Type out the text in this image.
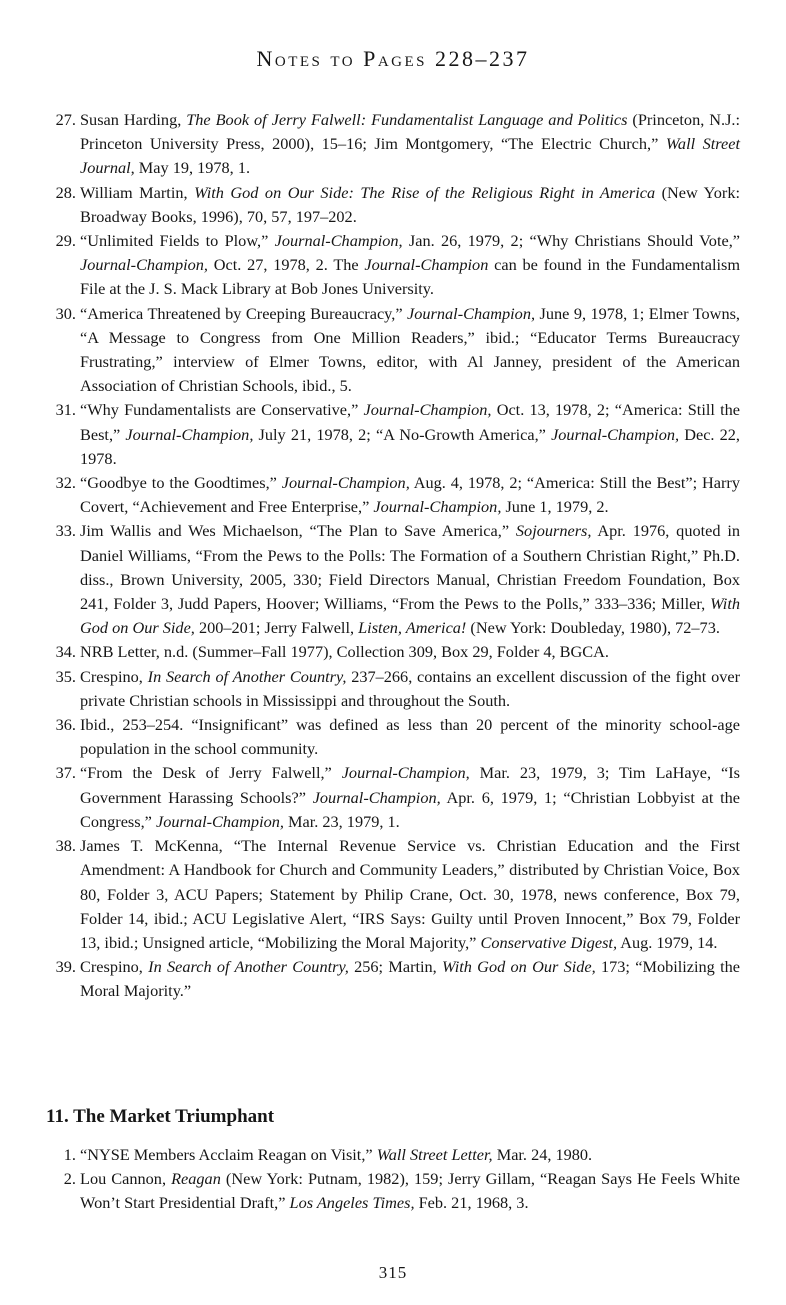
Notes to Pages 228–237
27. Susan Harding, The Book of Jerry Falwell: Fundamentalist Language and Politics (Princeton, N.J.: Princeton University Press, 2000), 15–16; Jim Montgomery, “The Electric Church,” Wall Street Journal, May 19, 1978, 1.
28. William Martin, With God on Our Side: The Rise of the Religious Right in America (New York: Broadway Books, 1996), 70, 57, 197–202.
29. “Unlimited Fields to Plow,” Journal-Champion, Jan. 26, 1979, 2; “Why Christians Should Vote,” Journal-Champion, Oct. 27, 1978, 2. The Journal-Champion can be found in the Fundamentalism File at the J. S. Mack Library at Bob Jones University.
30. “America Threatened by Creeping Bureaucracy,” Journal-Champion, June 9, 1978, 1; Elmer Towns, “A Message to Congress from One Million Readers,” ibid.; “Educator Terms Bureaucracy Frustrating,” interview of Elmer Towns, editor, with Al Janney, president of the American Association of Christian Schools, ibid., 5.
31. “Why Fundamentalists are Conservative,” Journal-Champion, Oct. 13, 1978, 2; “America: Still the Best,” Journal-Champion, July 21, 1978, 2; “A No-Growth America,” Journal-Champion, Dec. 22, 1978.
32. “Goodbye to the Goodtimes,” Journal-Champion, Aug. 4, 1978, 2; “America: Still the Best”; Harry Covert, “Achievement and Free Enterprise,” Journal-Champion, June 1, 1979, 2.
33. Jim Wallis and Wes Michaelson, “The Plan to Save America,” Sojourners, Apr. 1976, quoted in Daniel Williams, “From the Pews to the Polls: The Formation of a Southern Christian Right,” Ph.D. diss., Brown University, 2005, 330; Field Directors Manual, Christian Freedom Foundation, Box 241, Folder 3, Judd Papers, Hoover; Williams, “From the Pews to the Polls,” 333–336; Miller, With God on Our Side, 200–201; Jerry Falwell, Listen, America! (New York: Doubleday, 1980), 72–73.
34. NRB Letter, n.d. (Summer–Fall 1977), Collection 309, Box 29, Folder 4, BGCA.
35. Crespino, In Search of Another Country, 237–266, contains an excellent discussion of the fight over private Christian schools in Mississippi and throughout the South.
36. Ibid., 253–254. “Insignificant” was defined as less than 20 percent of the minority school-age population in the school community.
37. “From the Desk of Jerry Falwell,” Journal-Champion, Mar. 23, 1979, 3; Tim LaHaye, “Is Government Harassing Schools?” Journal-Champion, Apr. 6, 1979, 1; “Christian Lobbyist at the Congress,” Journal-Champion, Mar. 23, 1979, 1.
38. James T. McKenna, “The Internal Revenue Service vs. Christian Education and the First Amendment: A Handbook for Church and Community Leaders,” distributed by Christian Voice, Box 80, Folder 3, ACU Papers; Statement by Philip Crane, Oct. 30, 1978, news conference, Box 79, Folder 14, ibid.; ACU Legislative Alert, “IRS Says: Guilty until Proven Innocent,” Box 79, Folder 13, ibid.; Unsigned article, “Mobilizing the Moral Majority,” Conservative Digest, Aug. 1979, 14.
39. Crespino, In Search of Another Country, 256; Martin, With God on Our Side, 173; “Mobilizing the Moral Majority.”
11. The Market Triumphant
1. “NYSE Members Acclaim Reagan on Visit,” Wall Street Letter, Mar. 24, 1980.
2. Lou Cannon, Reagan (New York: Putnam, 1982), 159; Jerry Gillam, “Reagan Says He Feels White Won’t Start Presidential Draft,” Los Angeles Times, Feb. 21, 1968, 3.
315
